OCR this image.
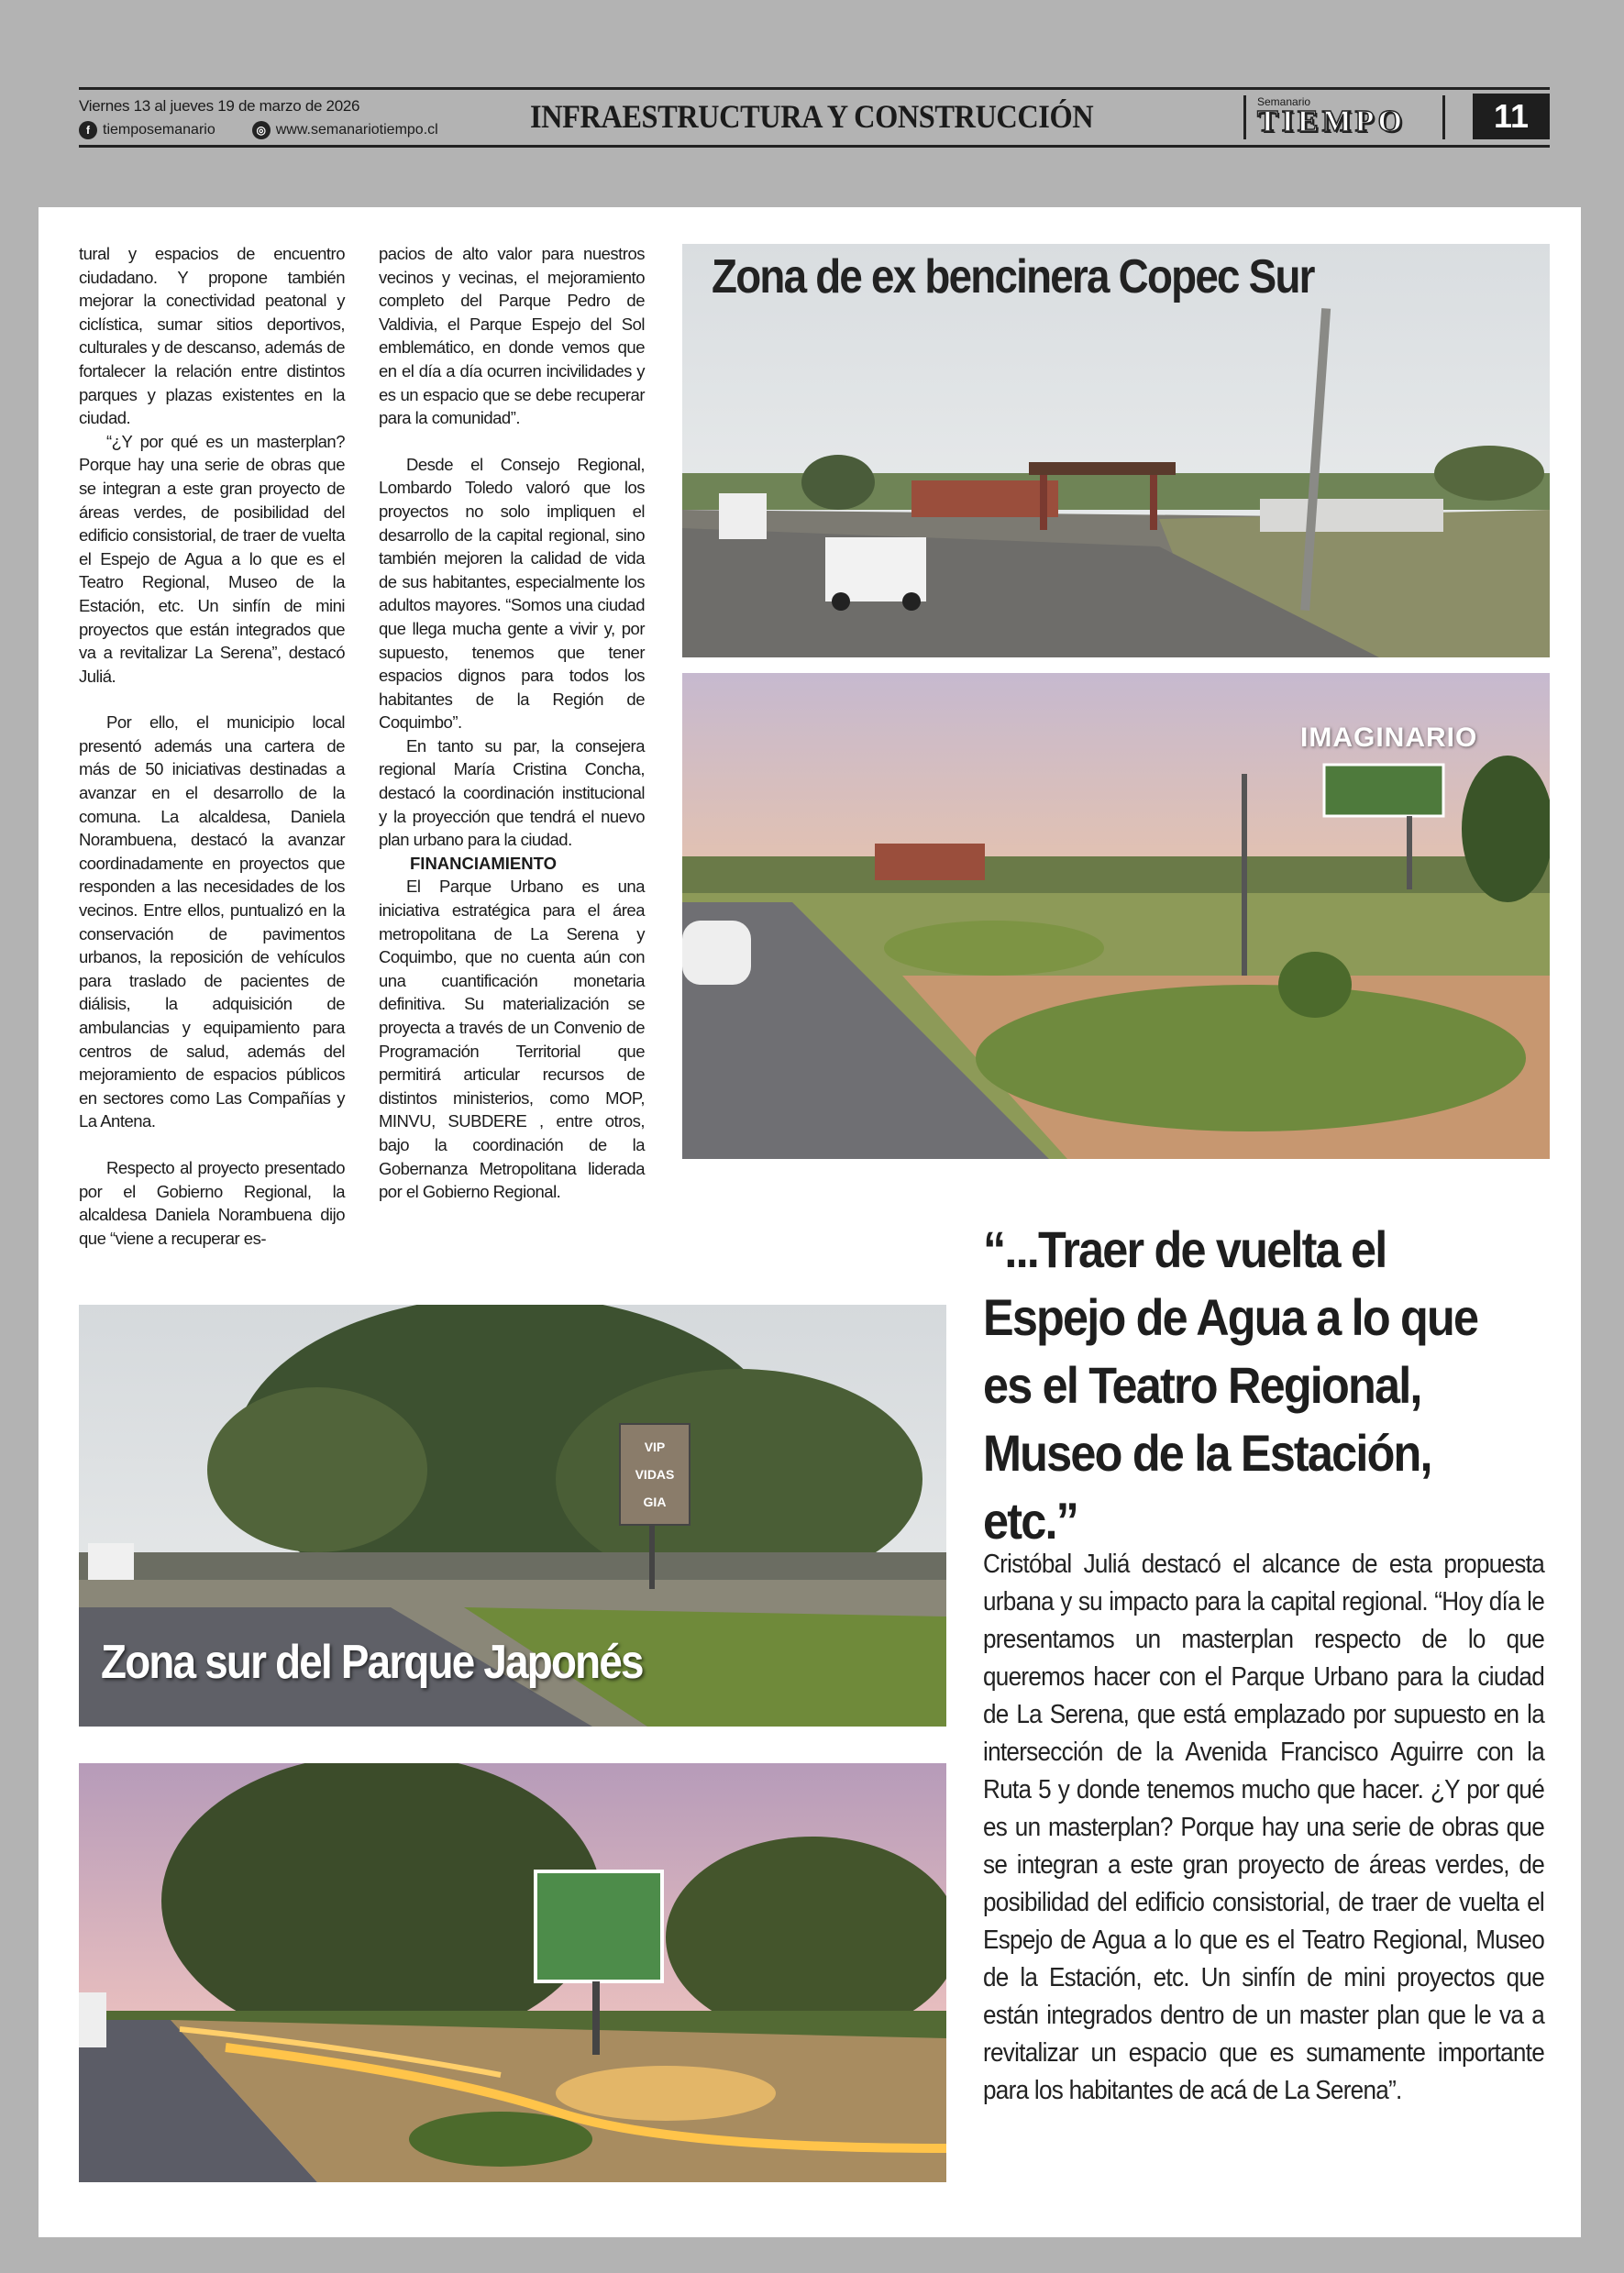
Viernes 13 al jueves 19 de marzo de 2026
f tiemposemanario	◎ www.semanariotiempo.cl	INFRAESTRUCTURA Y CONSTRUCCIÓN	Semanario
TIEMPO	11

tural y espacios de encuentro ciudadano. Y propone también mejorar la conectividad peatonal y ciclística, sumar sitios deportivos, culturales y de descanso, además de fortalecer la relación entre distintos parques y plazas existentes en la ciudad.

“¿Y por qué es un masterplan? Porque hay una serie de obras que se integran a este gran proyecto de áreas verdes, de posibilidad del edificio consistorial, de traer de vuelta el Espejo de Agua a lo que es el Teatro Regional, Museo de la Estación, etc. Un sinfín de mini proyectos que están integrados que va a revitalizar La Serena”, destacó Juliá.

Por ello, el municipio local presentó además una cartera de más de 50 iniciativas destinadas a avanzar en el desarrollo de la comuna. La alcaldesa, Daniela Norambuena, destacó la avanzar coordinadamente en proyectos que responden a las necesidades de los vecinos. Entre ellos, puntualizó en la conservación de pavimentos urbanos, la reposición de vehículos para traslado de pacientes de diálisis, la adquisición de ambulancias y equipamiento para centros de salud, además del mejoramiento de espacios públicos en sectores como Las Compañías y La Antena.

Respecto al proyecto presentado por el Gobierno Regional, la alcaldesa Daniela Norambuena dijo que “viene a recuperar es-

pacios de alto valor para nuestros vecinos y vecinas, el mejoramiento completo del Parque Pedro de Valdivia, el Parque Espejo del Sol emblemático, en donde vemos que en el día a día ocurren incivilidades y es un espacio que se debe recuperar para la comunidad”.

Desde el Consejo Regional, Lombardo Toledo valoró que los proyectos no solo impliquen el desarrollo de la capital regional, sino también mejoren la calidad de vida de sus habitantes, especialmente los adultos mayores. “Somos una ciudad que llega mucha gente a vivir y, por supuesto, tenemos que tener espacios dignos para todos los habitantes de la Región de Coquimbo”.

En tanto su par, la consejera regional María Cristina Concha, destacó la coordinación institucional y la proyección que tendrá el nuevo plan urbano para la ciudad.

FINANCIAMIENTO

El Parque Urbano es una iniciativa estratégica para el área metropolitana de La Serena y Coquimbo, que no cuenta aún con una cuantificación monetaria definitiva. Su materialización se proyecta a través de un Convenio de Programación Territorial que permitirá articular recursos de distintos ministerios, como MOP, MINVU, SUBDERE , entre otros, bajo la coordinación de la Gobernanza Metropolitana liderada por el Gobierno Regional.

Zona de ex bencinera Copec Sur
IMAGINARIO
Zona sur del Parque Japonés
VIP VIDAS GIA
“...Traer de vuelta el Espejo de Agua a lo que es el Teatro Regional, Museo de la Estación, etc.”
Cristóbal Juliá destacó el alcance de esta propuesta urbana y su impacto para la capital regional. “Hoy día le presentamos un masterplan respecto de lo que queremos hacer con el Parque Urbano para la ciudad de La Serena, que está emplazado por supuesto en la intersección de la Avenida Francisco Aguirre con la Ruta 5 y donde tenemos mucho que hacer. ¿Y por qué es un masterplan? Porque hay una serie de obras que se integran a este gran proyecto de áreas verdes, de posibilidad del edificio consistorial, de traer de vuelta el Espejo de Agua a lo que es el Teatro Regional, Museo de la Estación, etc. Un sinfín de mini proyectos que están integrados dentro de un master plan que le va a revitalizar un espacio que es sumamente importante para los habitantes de acá de La Serena”.
